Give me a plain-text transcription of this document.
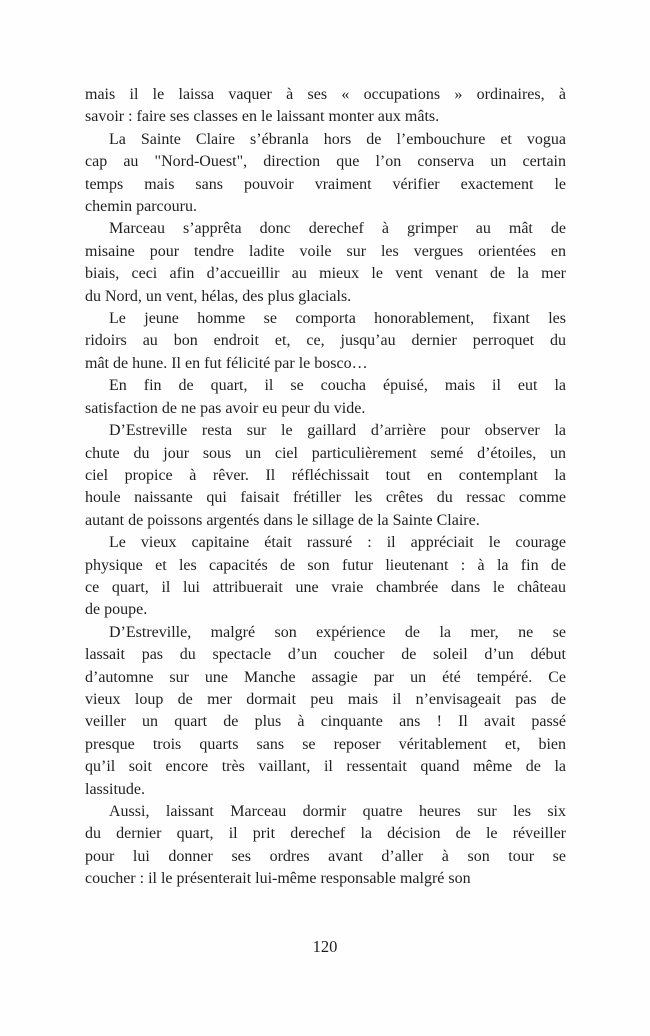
mais il le laissa vaquer à ses « occupations » ordinaires, à
savoir : faire ses classes en le laissant monter aux mâts.
La Sainte Claire s’ébranla hors de l’embouchure et vogua
cap au "Nord-Ouest", direction que l’on conserva un certain
temps mais sans pouvoir vraiment vérifier exactement le
chemin parcouru.
Marceau s’apprêta donc derechef à grimper au mât de
misaine pour tendre ladite voile sur les vergues orientées en
biais, ceci afin d’accueillir au mieux le vent venant de la mer
du Nord, un vent, hélas, des plus glacials.
Le jeune homme se comporta honorablement, fixant les
ridoirs au bon endroit et, ce, jusqu’au dernier perroquet du
mât de hune. Il en fut félicité par le bosco…
En fin de quart, il se coucha épuisé, mais il eut la
satisfaction de ne pas avoir eu peur du vide.
D’Estreville resta sur le gaillard d’arrière pour observer la
chute du jour sous un ciel particulièrement semé d’étoiles, un
ciel propice à rêver. Il réfléchissait tout en contemplant la
houle naissante qui faisait frétiller les crêtes du ressac comme
autant de poissons argentés dans le sillage de la Sainte Claire.
Le vieux capitaine était rassuré : il appréciait le courage
physique et les capacités de son futur lieutenant : à la fin de
ce quart, il lui attribuerait une vraie chambrée dans le château
de poupe.
D’Estreville, malgré son expérience de la mer, ne se
lassait pas du spectacle d’un coucher de soleil d’un début
d’automne sur une Manche assagie par un été tempéré. Ce
vieux loup de mer dormait peu mais il n’envisageait pas de
veiller un quart de plus à cinquante ans ! Il avait passé
presque trois quarts sans se reposer véritablement et, bien
qu’il soit encore très vaillant, il ressentait quand même de la
lassitude.
Aussi, laissant Marceau dormir quatre heures sur les six
du dernier quart, il prit derechef la décision de le réveiller
pour lui donner ses ordres avant d’aller à son tour se
coucher : il le présenterait lui-même responsable malgré son
120
